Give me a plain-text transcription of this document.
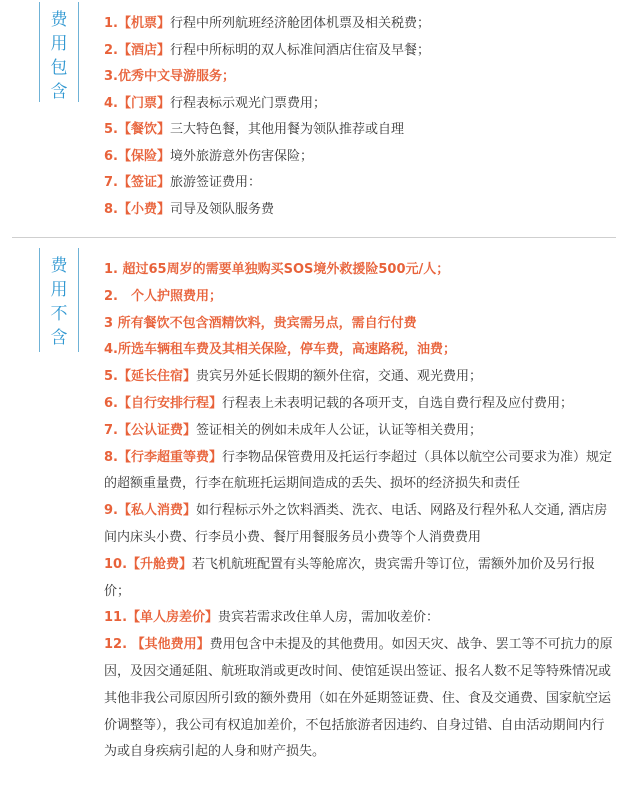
费
用
包
含

1.【机票】行程中所列航班经济舱团体机票及相关税费；

2.【酒店】行程中所标明的双人标准间酒店住宿及早餐；

3.优秀中文导游服务；

4.【门票】行程表标示观光门票费用；

5.【餐饮】三大特色餐，其他用餐为领队推荐或自理

6.【保险】境外旅游意外伤害保险；

7.【签证】旅游签证费用：

8.【小费】司导及领队服务费

费
用
不
含

1. 超过65周岁的需要单独购买SOS境外救援险500元/人；

2.　个人护照费用；

3 所有餐饮不包含酒精饮料，贵宾需另点，需自行付费

4.所选车辆租车费及其相关保险，停车费，高速路税，油费；

5.【延长住宿】贵宾另外延长假期的额外住宿，交通、观光费用；

6.【自行安排行程】行程表上未表明记载的各项开支，自选自费行程及应付费用；

7.【公认证费】签证相关的例如未成年人公证，认证等相关费用；

8.【行李超重等费】行李物品保管费用及托运行李超过（具体以航空公司要求为准）规定的超额重量费，行李在航班托运期间造成的丢失、损坏的经济损失和责任

9.【私人消费】如行程标示外之饮料酒类、洗衣、电话、网路及行程外私人交通, 酒店房间内床头小费、行李员小费、餐厅用餐服务员小费等个人消费费用

10.【升舱费】若飞机航班配置有头等舱席次，贵宾需升等订位，需额外加价及另行报价；

11.【单人房差价】贵宾若需求改住单人房，需加收差价：

12. 【其他费用】费用包含中未提及的其他费用。如因天灾、战争、罢工等不可抗力的原因，及因交通延阻、航班取消或更改时间、使馆延误出签证、报名人数不足等特殊情况或其他非我公司原因所引致的额外费用（如在外延期签证费、住、食及交通费、国家航空运价调整等），我公司有权追加差价，不包括旅游者因违约、自身过错、自由活动期间内行为或自身疾病引起的人身和财产损失。
